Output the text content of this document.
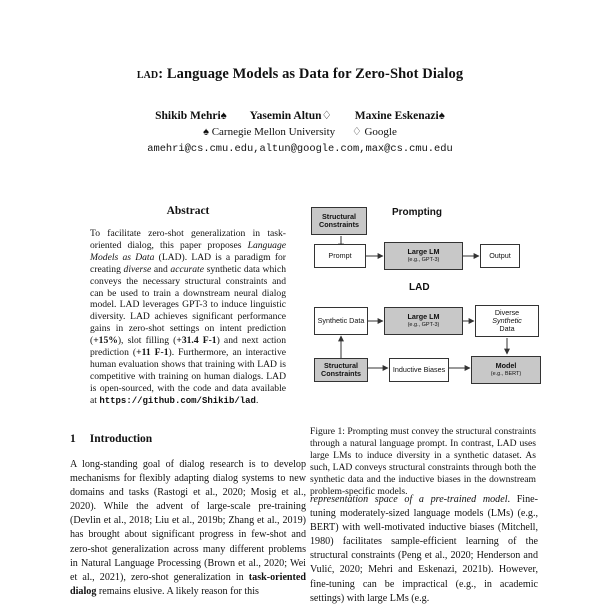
lad: Language Models as Data for Zero-Shot Dialog
Shikib Mehri♠ Yasemin Altun♢ Maxine Eskenazi♠
♠ Carnegie Mellon University ♢ Google
amehri@cs.cmu.edu,altun@google.com,max@cs.cmu.edu
Abstract
To facilitate zero-shot generalization in task-oriented dialog, this paper proposes Language Models as Data (LAD). LAD is a paradigm for creating diverse and accurate synthetic data which conveys the necessary structural constraints and can be used to train a downstream neural dialog model. LAD leverages GPT-3 to induce linguistic diversity. LAD achieves significant performance gains in zero-shot settings on intent prediction (+15%), slot filling (+31.4 F-1) and next action prediction (+11 F-1). Furthermore, an interactive human evaluation shows that training with LAD is competitive with training on human dialogs. LAD is open-sourced, with the code and data available at https://github.com/Shikib/lad.
1 Introduction
A long-standing goal of dialog research is to develop mechanisms for flexibly adapting dialog systems to new domains and tasks (Rastogi et al., 2020; Mosig et al., 2020). While the advent of large-scale pre-training (Devlin et al., 2018; Liu et al., 2019b; Zhang et al., 2019) has brought about significant progress in few-shot and zero-shot generalization across many different problems in Natural Language Processing (Brown et al., 2020; Wei et al., 2021), zero-shot generalization in task-oriented dialog remains elusive. A likely reason for this
Prompting
Structural Constraints
Prompt	Large LM
(e.g., GPT-3)
Output
LAD
Synthetic Data	Large LM
(e.g., GPT-3)
Diverse
Synthetic
Data
Structural Constraints	Inductive Biases	Model
(e.g., BERT)
Figure 1: Prompting must convey the structural constraints through a natural language prompt. In contrast, LAD uses large LMs to induce diversity in a synthetic dataset. As such, LAD conveys structural constraints through both the synthetic data and the inductive biases in the downstream problem-specific models.
representation space of a pre-trained model. Fine-tuning moderately-sized language models (LMs) (e.g., BERT) with well-motivated inductive biases (Mitchell, 1980) facilitates sample-efficient learning of the structural constraints (Peng et al., 2020; Henderson and Vulić, 2020; Mehri and Eskenazi, 2021b). However, fine-tuning can be impractical (e.g., in academic settings) with large LMs (e.g.
